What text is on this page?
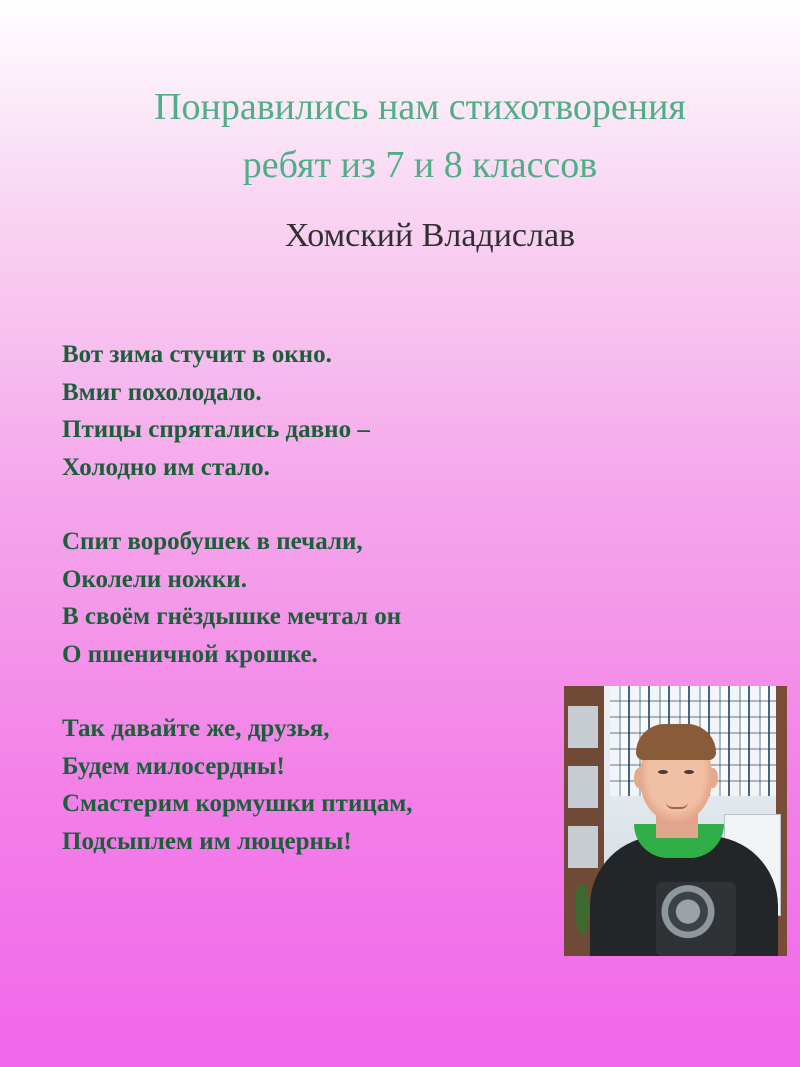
Понравились нам стихотворения
ребят из 7 и 8 классов
Хомский Владислав
Вот зима стучит в окно.
Вмиг похолодало.
Птицы спрятались давно –
Холодно им стало.
Спит воробушек в печали,
Околели ножки.
В своём гнёздышке мечтал он
О пшеничной крошке.
Так давайте же, друзья,
Будем милосердны!
Смастерим кормушки птицам,
Подсыплем им люцерны!
